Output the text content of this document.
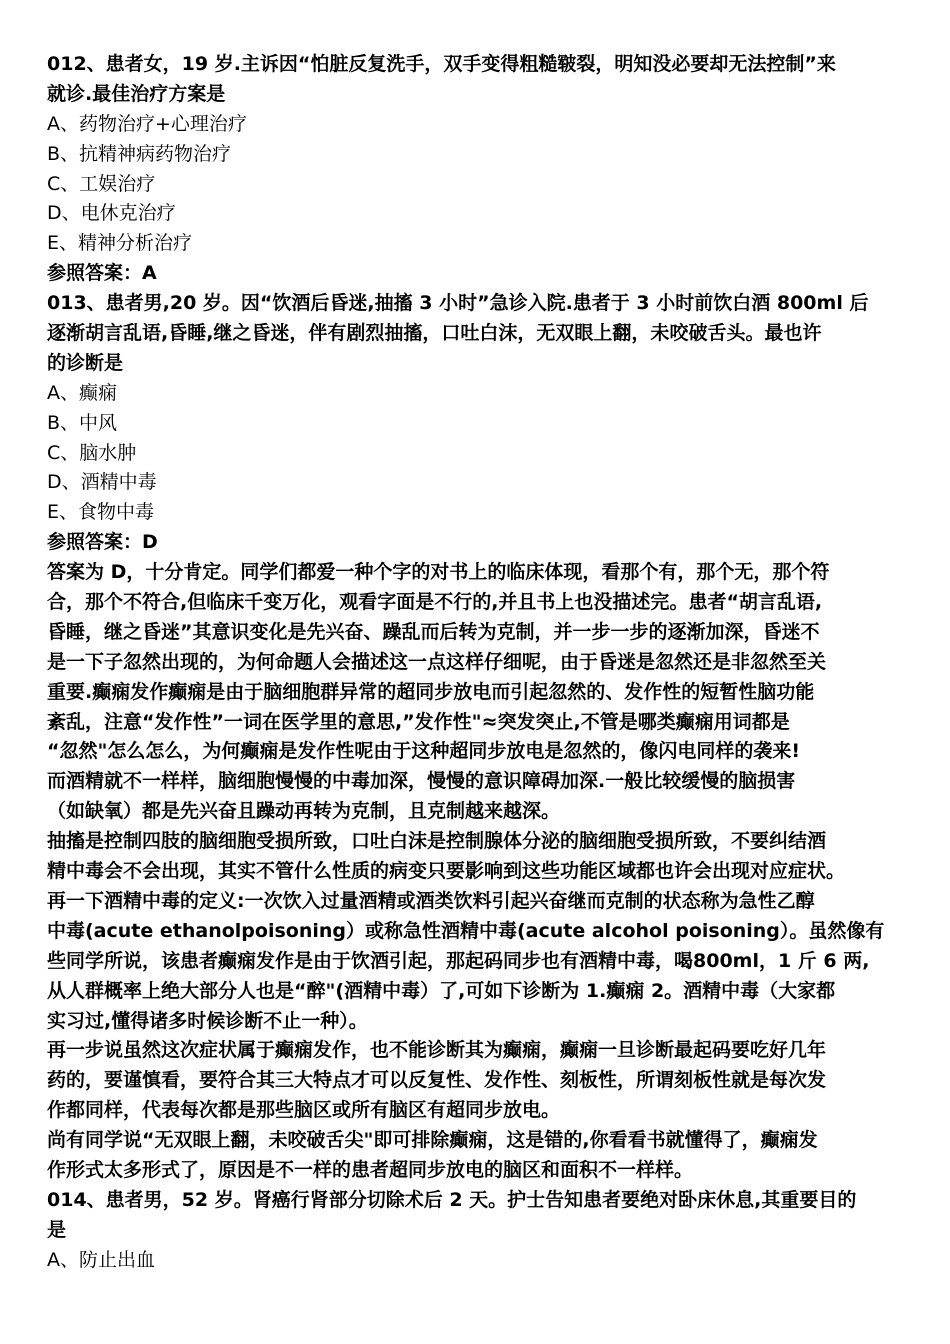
012、患者女，19 岁.主诉因“怕脏反复洗手，双手变得粗糙皲裂，明知没必要却无法控制”来
就诊.最佳治疗方案是
A、药物治疗+心理治疗
B、抗精神病药物治疗
C、工娱治疗
D、电休克治疗
E、精神分析治疗
参照答案：A
013、患者男,20 岁。因“饮酒后昏迷,抽搐 3 小时”急诊入院.患者于 3 小时前饮白酒 800ml 后
逐渐胡言乱语,昏睡,继之昏迷，伴有剧烈抽搐，口吐白沫，无双眼上翻，未咬破舌头。最也许
的诊断是
A、癫痫
B、中风
C、脑水肿
D、酒精中毒
E、食物中毒
参照答案：D
答案为 D，十分肯定。同学们都爱一种个字的对书上的临床体现，看那个有，那个无，那个符
合，那个不符合,但临床千变万化，观看字面是不行的,并且书上也没描述完。患者“胡言乱语,
昏睡，继之昏迷”其意识变化是先兴奋、躁乱而后转为克制，并一步一步的逐渐加深，昏迷不
是一下子忽然出现的，为何命题人会描述这一点这样仔细呢，由于昏迷是忽然还是非忽然至关
重要.癫痫发作癫痫是由于脑细胞群异常的超同步放电而引起忽然的、发作性的短暂性脑功能
紊乱，注意“发作性”一词在医学里的意思,”发作性"≈突发突止,不管是哪类癫痫用词都是
“忽然"怎么怎么，为何癫痫是发作性呢由于这种超同步放电是忽然的，像闪电同样的袭来!
而酒精就不一样样，脑细胞慢慢的中毒加深，慢慢的意识障碍加深.一般比较缓慢的脑损害
（如缺氧）都是先兴奋且躁动再转为克制，且克制越来越深。
抽搐是控制四肢的脑细胞受损所致，口吐白沫是控制腺体分泌的脑细胞受损所致，不要纠结酒
精中毒会不会出现，其实不管什么性质的病变只要影响到这些功能区域都也许会出现对应症状。
再一下酒精中毒的定义:一次饮入过量酒精或酒类饮料引起兴奋继而克制的状态称为急性乙醇
中毒(acute ethanolpoisoning）或称急性酒精中毒(acute alcohol poisoning）。虽然像有
些同学所说，该患者癫痫发作是由于饮酒引起，那起码同步也有酒精中毒，喝800ml，1 斤 6 两,
从人群概率上绝大部分人也是“醉"(酒精中毒）了,可如下诊断为 1.癫痫 2。酒精中毒（大家都
实习过,懂得诸多时候诊断不止一种）。
再一步说虽然这次症状属于癫痫发作，也不能诊断其为癫痫，癫痫一旦诊断最起码要吃好几年
药的，要谨慎看，要符合其三大特点才可以反复性、发作性、刻板性，所谓刻板性就是每次发
作都同样，代表每次都是那些脑区或所有脑区有超同步放电。
尚有同学说“无双眼上翻，未咬破舌尖"即可排除癫痫，这是错的,你看看书就懂得了，癫痫发
作形式太多形式了，原因是不一样的患者超同步放电的脑区和面积不一样样。
014、患者男，52 岁。肾癌行肾部分切除术后 2 天。护士告知患者要绝对卧床休息,其重要目的
是
A、防止出血
